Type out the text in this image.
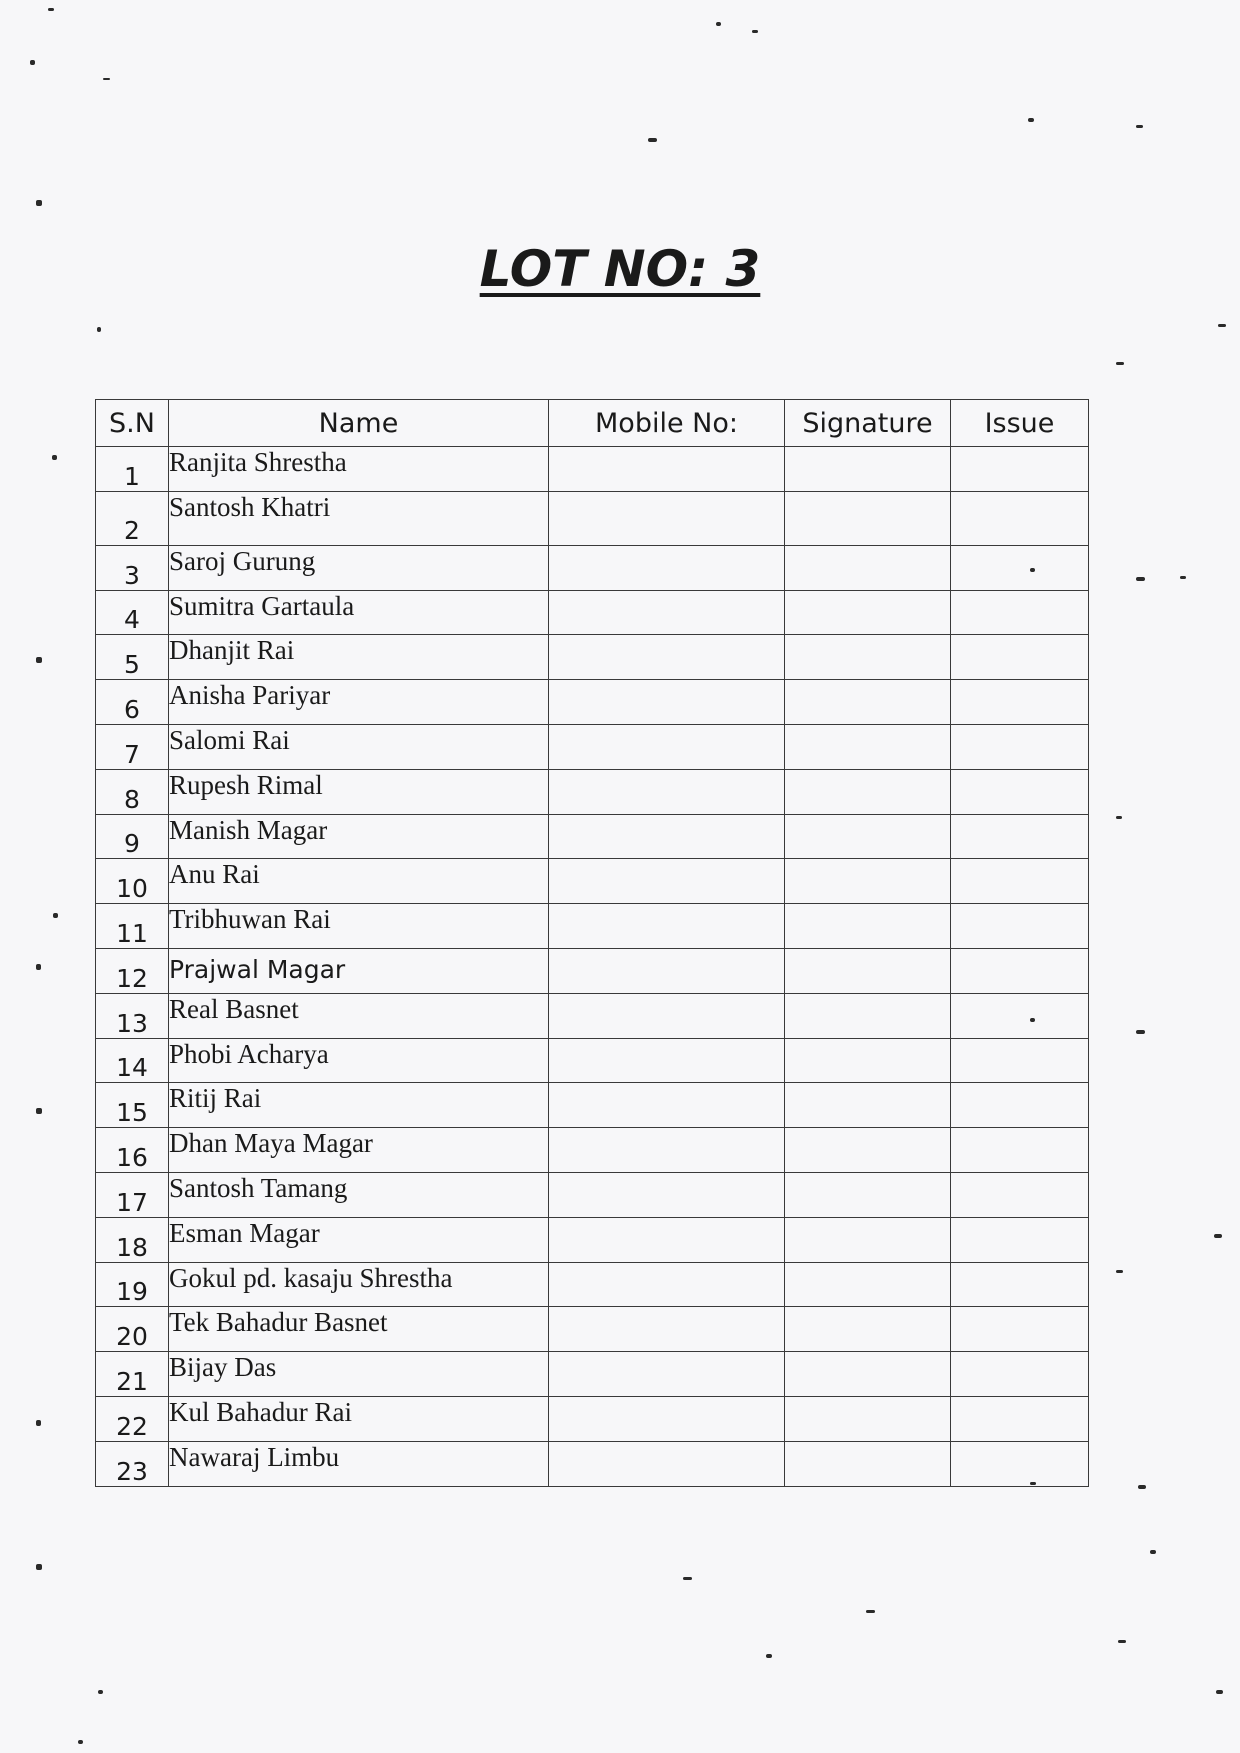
LOT NO: 3
S.N	Name	Mobile No:	Signature	Issue
1	Ranjita Shrestha			
2	Santosh Khatri			
3	Saroj Gurung			
4	Sumitra Gartaula			
5	Dhanjit Rai			
6	Anisha Pariyar			
7	Salomi Rai			
8	Rupesh Rimal			
9	Manish Magar			
10	Anu Rai			
11	Tribhuwan Rai			
12	Prajwal Magar			
13	Real Basnet			
14	Phobi Acharya			
15	Ritij Rai			
16	Dhan Maya Magar			
17	Santosh Tamang			
18	Esman Magar			
19	Gokul pd. kasaju Shrestha			
20	Tek Bahadur Basnet			
21	Bijay Das			
22	Kul Bahadur Rai			
23	Nawaraj Limbu			
